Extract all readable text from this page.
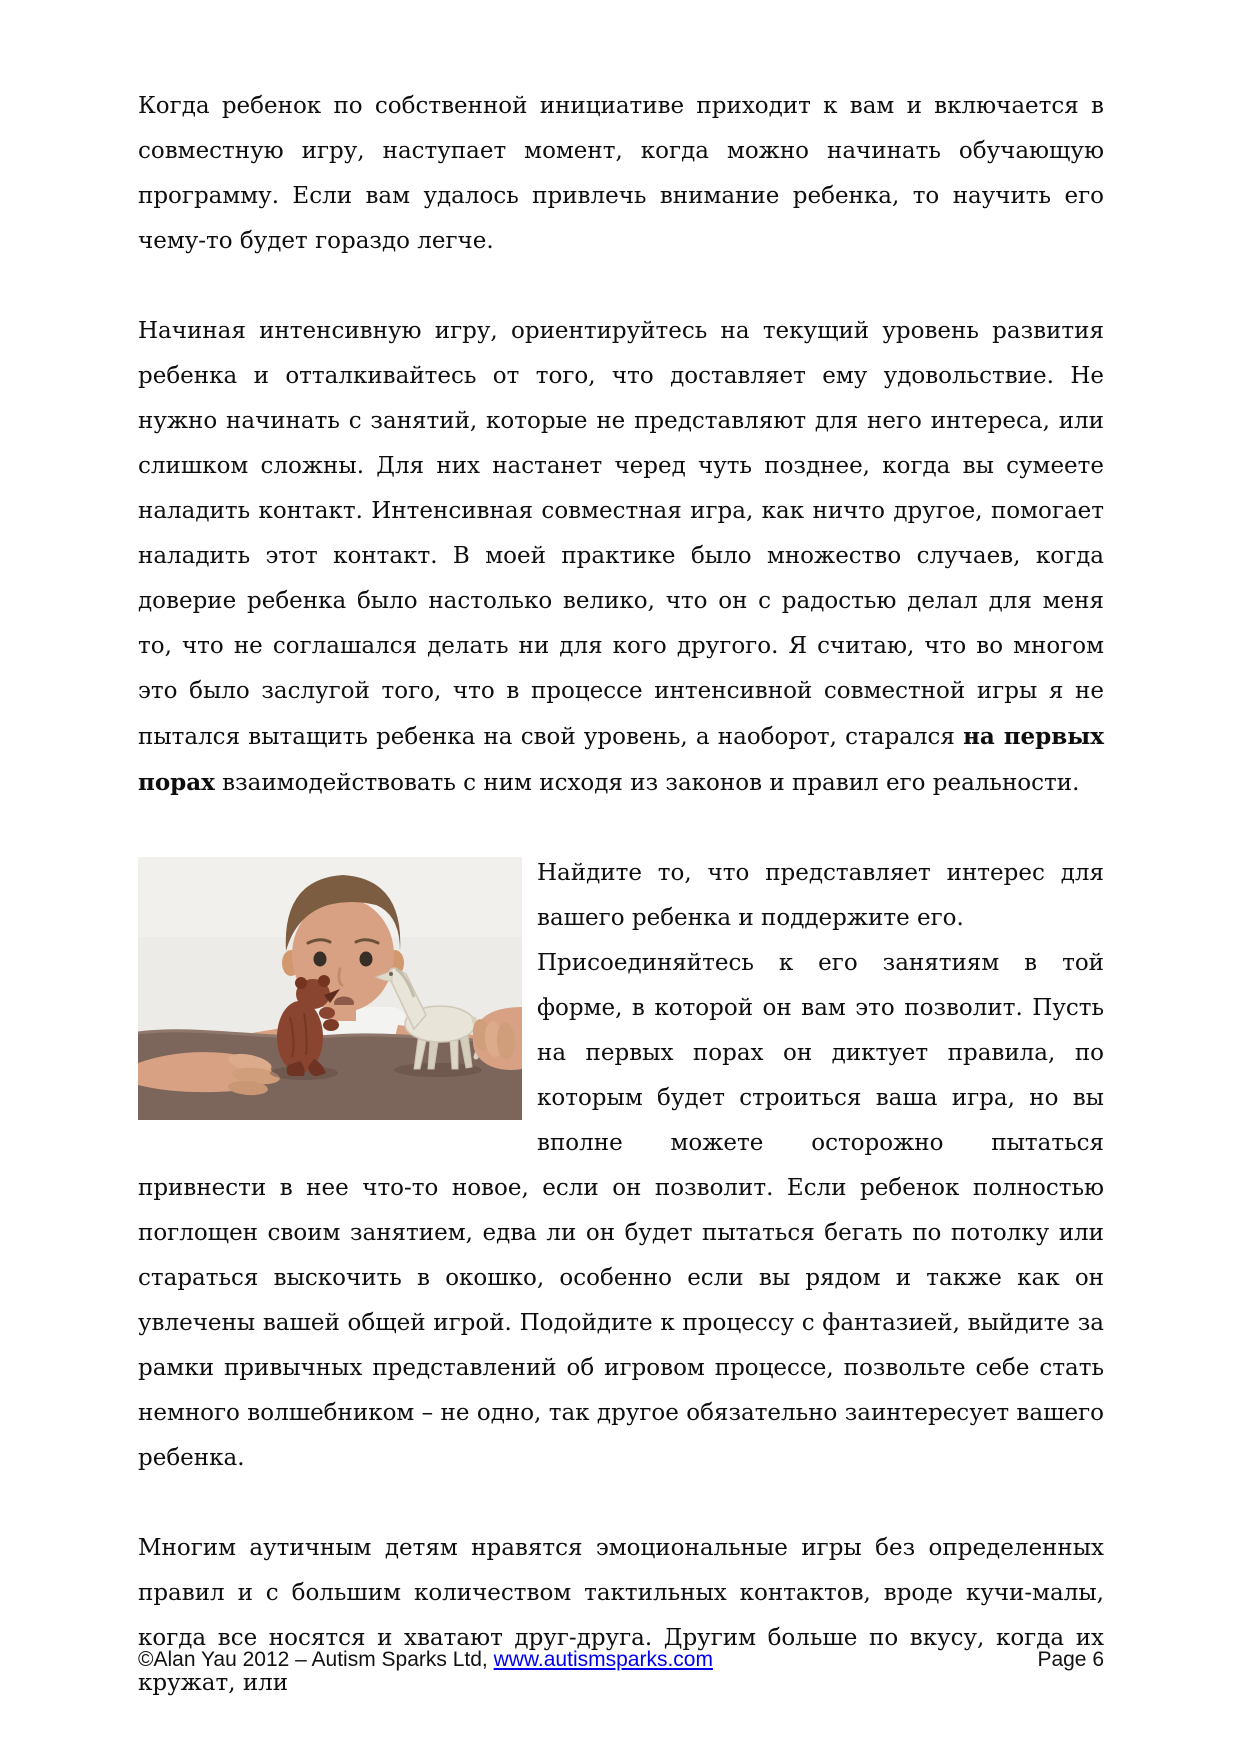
Когда ребенок по собственной инициативе приходит к вам и включается в совместную игру, наступает момент, когда можно начинать обучающую программу. Если вам удалось привлечь внимание ребенка, то научить его чему-то будет гораздо легче.

Начиная интенсивную игру, ориентируйтесь на текущий уровень развития ребенка и отталкивайтесь от того, что доставляет ему удовольствие. Не нужно начинать с занятий, которые не представляют для него интереса, или слишком сложны. Для них настанет черед чуть позднее, когда вы сумеете наладить контакт. Интенсивная совместная игра, как ничто другое, помогает наладить этот контакт. В моей практике было множество случаев, когда доверие ребенка было настолько велико, что он с радостью делал для меня то, что не соглашался делать ни для кого другого. Я считаю, что во многом это было заслугой того, что в процессе интенсивной совместной игры я не пытался вытащить ребенка на свой уровень, а наоборот, старался на первых порах взаимодействовать с ним исходя из законов и правил его реальности.

Найдите то, что представляет интерес для вашего ребенка и поддержите его.

Присоединяйтесь к его занятиям в той форме, в которой он вам это позволит. Пусть на первых порах он диктует правила, по которым будет строиться ваша игра, но вы вполне можете осторожно пытаться привнести в нее что-то новое, если он позволит. Если ребенок полностью поглощен своим занятием, едва ли он будет пытаться бегать по потолку или стараться выскочить в окошко, особенно если вы рядом и также как он увлечены вашей общей игрой. Подойдите к процессу с фантазией, выйдите за рамки привычных представлений об игровом процессе, позвольте себе стать немного волшебником – не одно, так другое обязательно заинтересует вашего ребенка.

Многим аутичным детям нравятся эмоциональные игры без определенных правил и с большим количеством тактильных контактов, вроде кучи-малы, когда все носятся и хватают друг-друга. Другим больше по вкусу, когда их кружат, или

©Alan Yau 2012 – Autism Sparks Ltd, www.autismsparks.com	Page 6
